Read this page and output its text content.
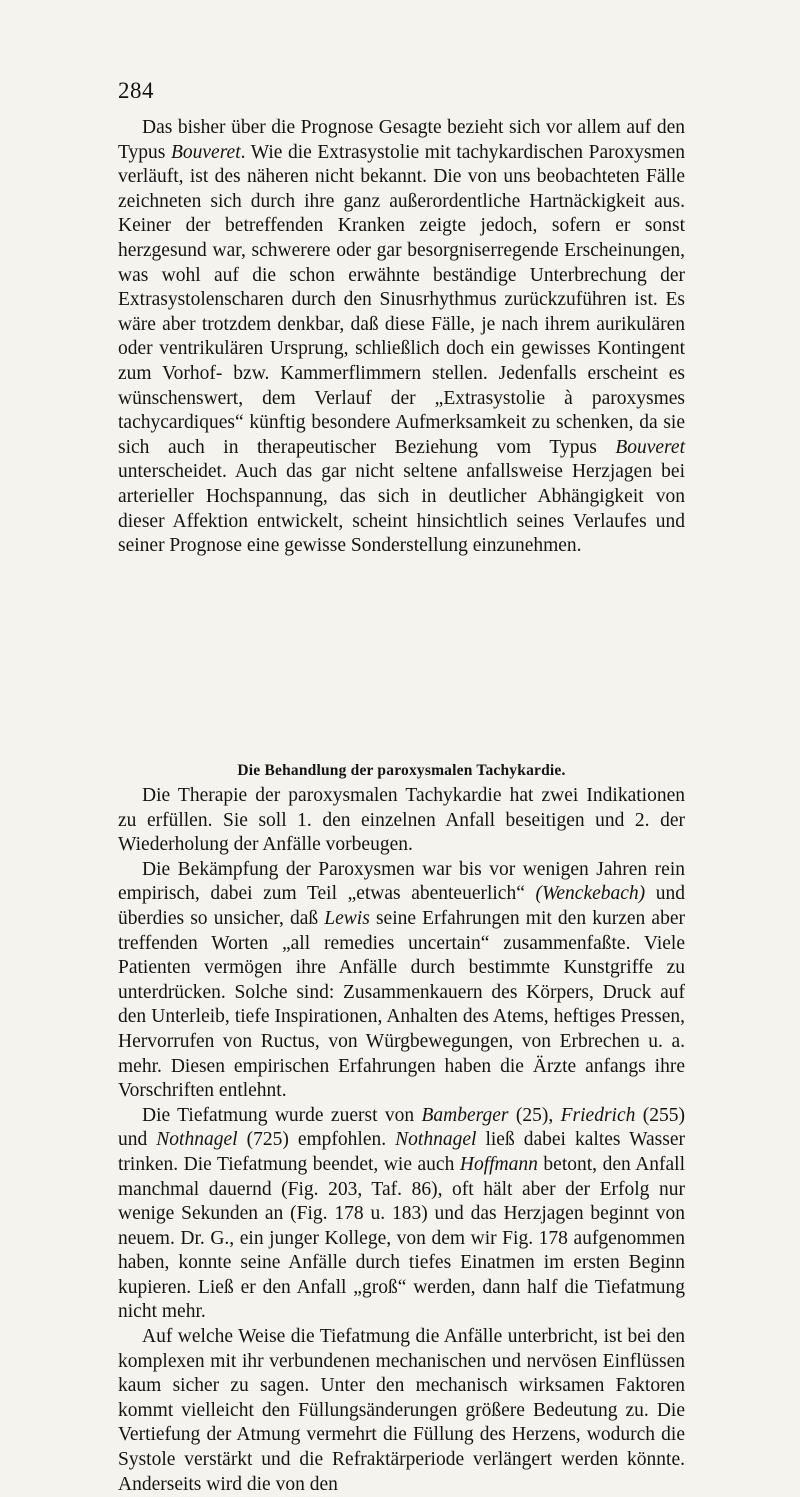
284

Das bisher über die Prognose Gesagte bezieht sich vor allem auf den Typus Bouveret. Wie die Extrasystolie mit tachykardischen Paroxysmen verläuft, ist des näheren nicht bekannt. Die von uns beobachteten Fälle zeichneten sich durch ihre ganz außerordentliche Hartnäckigkeit aus. Keiner der betreffenden Kranken zeigte jedoch, sofern er sonst herzgesund war, schwerere oder gar besorgniserregende Erscheinungen, was wohl auf die schon erwähnte beständige Unterbrechung der Extrasystolenscharen durch den Sinusrhythmus zurückzuführen ist. Es wäre aber trotzdem denkbar, daß diese Fälle, je nach ihrem aurikulären oder ventrikulären Ursprung, schließlich doch ein gewisses Kontingent zum Vorhof- bzw. Kammerflimmern stellen. Jedenfalls erscheint es wünschenswert, dem Verlauf der „Extrasystolie à paroxysmes tachycardiques“ künftig besondere Aufmerksamkeit zu schenken, da sie sich auch in therapeutischer Beziehung vom Typus Bouveret unterscheidet. Auch das gar nicht seltene anfallsweise Herzjagen bei arterieller Hochspannung, das sich in deutlicher Abhängigkeit von dieser Affektion entwickelt, scheint hinsichtlich seines Verlaufes und seiner Prognose eine gewisse Sonderstellung einzunehmen.

Die Behandlung der paroxysmalen Tachykardie.

Die Therapie der paroxysmalen Tachykardie hat zwei Indikationen zu erfüllen. Sie soll 1. den einzelnen Anfall beseitigen und 2. der Wiederholung der Anfälle vorbeugen.

Die Bekämpfung der Paroxysmen war bis vor wenigen Jahren rein empirisch, dabei zum Teil „etwas abenteuerlich“ (Wenckebach) und überdies so unsicher, daß Lewis seine Erfahrungen mit den kurzen aber treffenden Worten „all remedies uncertain“ zusammenfaßte. Viele Patienten vermögen ihre Anfälle durch bestimmte Kunstgriffe zu unterdrücken. Solche sind: Zusammenkauern des Körpers, Druck auf den Unterleib, tiefe Inspirationen, Anhalten des Atems, heftiges Pressen, Hervorrufen von Ructus, von Würgbewegungen, von Erbrechen u. a. mehr. Diesen empirischen Erfahrungen haben die Ärzte anfangs ihre Vorschriften entlehnt.

Die Tiefatmung wurde zuerst von Bamberger (25), Friedrich (255) und Nothnagel (725) empfohlen. Nothnagel ließ dabei kaltes Wasser trinken. Die Tiefatmung beendet, wie auch Hoffmann betont, den Anfall manchmal dauernd (Fig. 203, Taf. 86), oft hält aber der Erfolg nur wenige Sekunden an (Fig. 178 u. 183) und das Herzjagen beginnt von neuem. Dr. G., ein junger Kollege, von dem wir Fig. 178 aufgenommen haben, konnte seine Anfälle durch tiefes Einatmen im ersten Beginn kupieren. Ließ er den Anfall „groß“ werden, dann half die Tiefatmung nicht mehr.

Auf welche Weise die Tiefatmung die Anfälle unterbricht, ist bei den komplexen mit ihr verbundenen mechanischen und nervösen Einflüssen kaum sicher zu sagen. Unter den mechanisch wirksamen Faktoren kommt vielleicht den Füllungsänderungen größere Bedeutung zu. Die Vertiefung der Atmung vermehrt die Füllung des Herzens, wodurch die Systole verstärkt und die Refraktärperiode verlängert werden könnte. Anderseits wird die von den
